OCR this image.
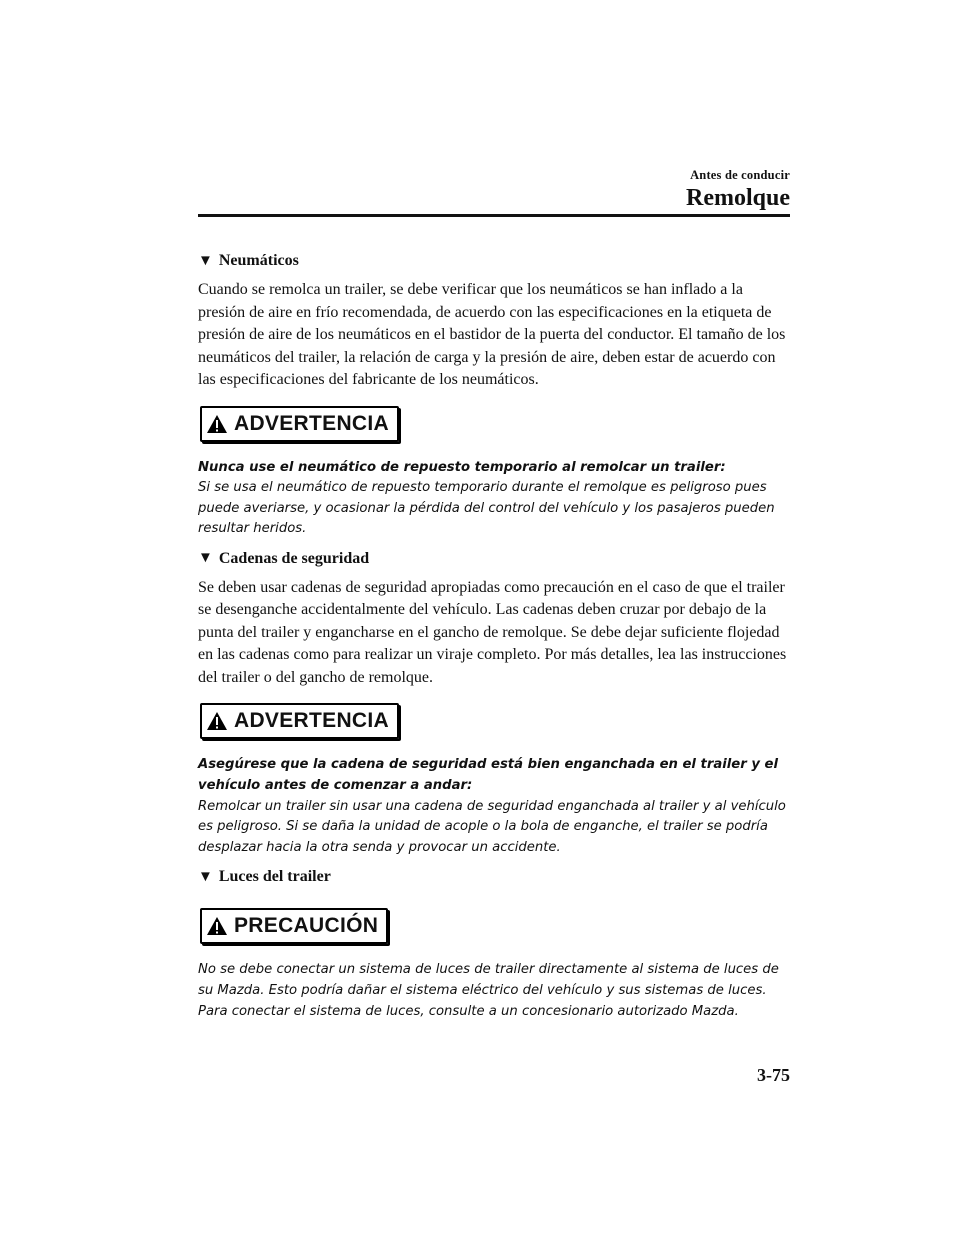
Antes de conducir
Remolque
▼ Neumáticos
Cuando se remolca un trailer, se debe verificar que los neumáticos se han inflado a la presión de aire en frío recomendada, de acuerdo con las especificaciones en la etiqueta de presión de aire de los neumáticos en el bastidor de la puerta del conductor. El tamaño de los neumáticos del trailer, la relación de carga y la presión de aire, deben estar de acuerdo con las especificaciones del fabricante de los neumáticos.
ADVERTENCIA
Nunca use el neumático de repuesto temporario al remolcar un trailer:
Si se usa el neumático de repuesto temporario durante el remolque es peligroso pues puede averiarse, y ocasionar la pérdida del control del vehículo y los pasajeros pueden resultar heridos.
▼ Cadenas de seguridad
Se deben usar cadenas de seguridad apropiadas como precaución en el caso de que el trailer se desenganche accidentalmente del vehículo. Las cadenas deben cruzar por debajo de la punta del trailer y engancharse en el gancho de remolque. Se debe dejar suficiente flojedad en las cadenas como para realizar un viraje completo. Por más detalles, lea las instrucciones del trailer o del gancho de remolque.
ADVERTENCIA
Asegúrese que la cadena de seguridad está bien enganchada en el trailer y el vehículo antes de comenzar a andar:
Remolcar un trailer sin usar una cadena de seguridad enganchada al trailer y al vehículo es peligroso. Si se daña la unidad de acople o la bola de enganche, el trailer se podría desplazar hacia la otra senda y provocar un accidente.
▼ Luces del trailer
PRECAUCIÓN
No se debe conectar un sistema de luces de trailer directamente al sistema de luces de su Mazda. Esto podría dañar el sistema eléctrico del vehículo y sus sistemas de luces. Para conectar el sistema de luces, consulte a un concesionario autorizado Mazda.
3-75
